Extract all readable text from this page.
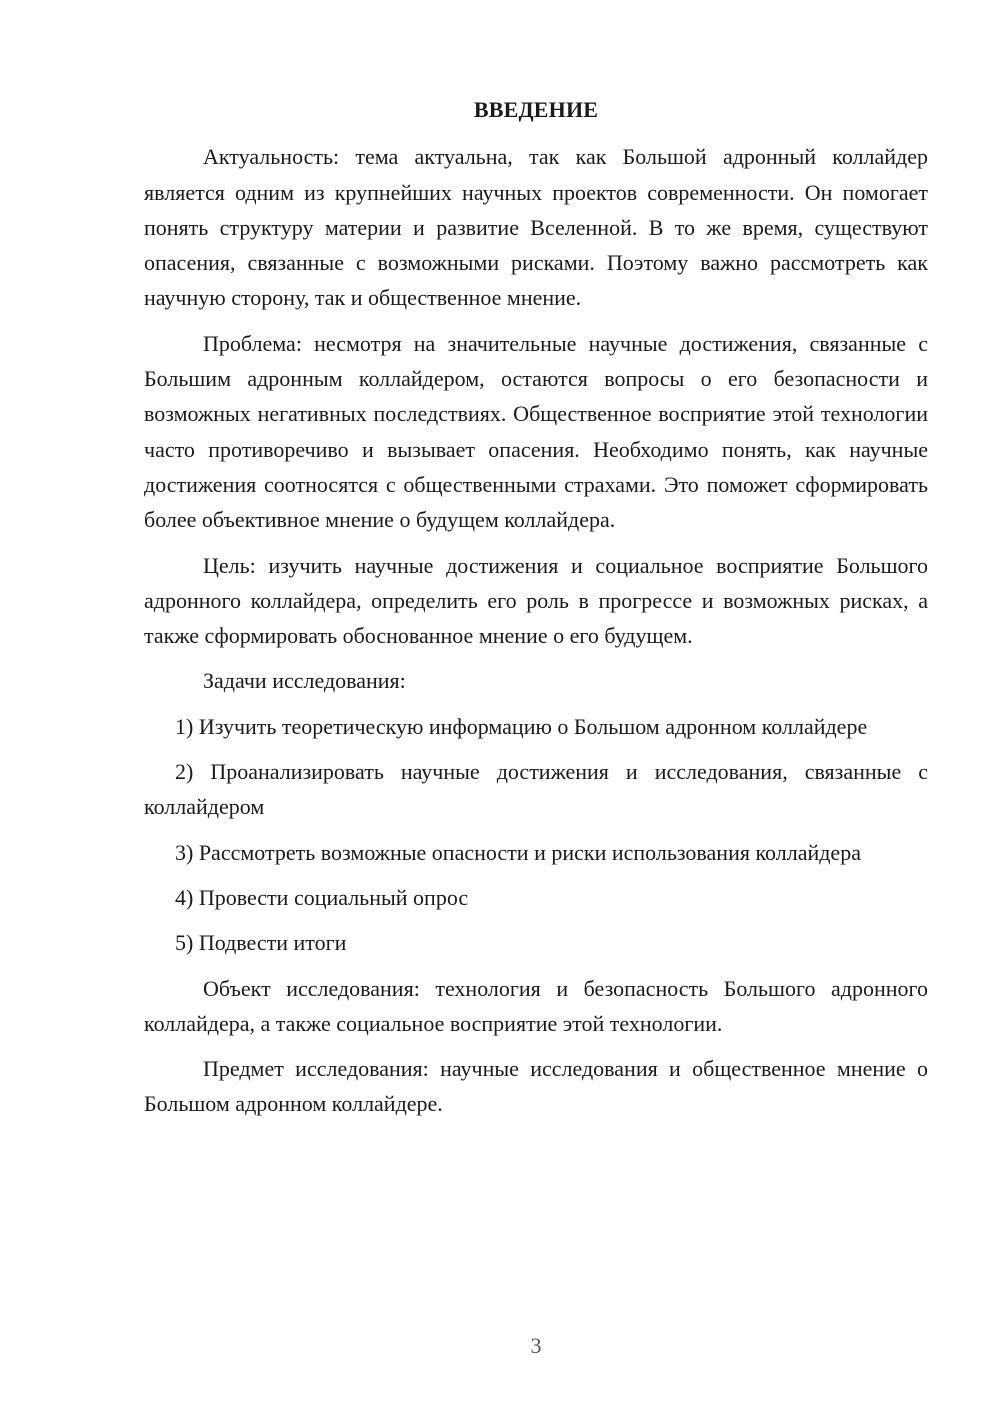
ВВЕДЕНИЕ

Актуальность: тема актуальна, так как Большой адронный коллайдер является одним из крупнейших научных проектов современности. Он помогает понять структуру материи и развитие Вселенной. В то же время, существуют опасения, связанные с возможными рисками. Поэтому важно рассмотреть как научную сторону, так и общественное мнение.

Проблема: несмотря на значительные научные достижения, связанные с Большим адронным коллайдером, остаются вопросы о его безопасности и возможных негативных последствиях. Общественное восприятие этой технологии часто противоречиво и вызывает опасения. Необходимо понять, как научные достижения соотносятся с общественными страхами. Это поможет сформировать более объективное мнение о будущем коллайдера.

Цель: изучить научные достижения и социальное восприятие Большого адронного коллайдера, определить его роль в прогрессе и возможных рисках, а также сформировать обоснованное мнение о его будущем.

Задачи исследования:

1) Изучить теоретическую информацию о Большом адронном коллайдере

2) Проанализировать научные достижения и исследования, связанные с коллайдером

3) Рассмотреть возможные опасности и риски использования коллайдера

4) Провести социальный опрос

5) Подвести итоги

Объект исследования: технология и безопасность Большого адронного коллайдера, а также социальное восприятие этой технологии.

Предмет исследования: научные исследования и общественное мнение о Большом адронном коллайдере.

3
